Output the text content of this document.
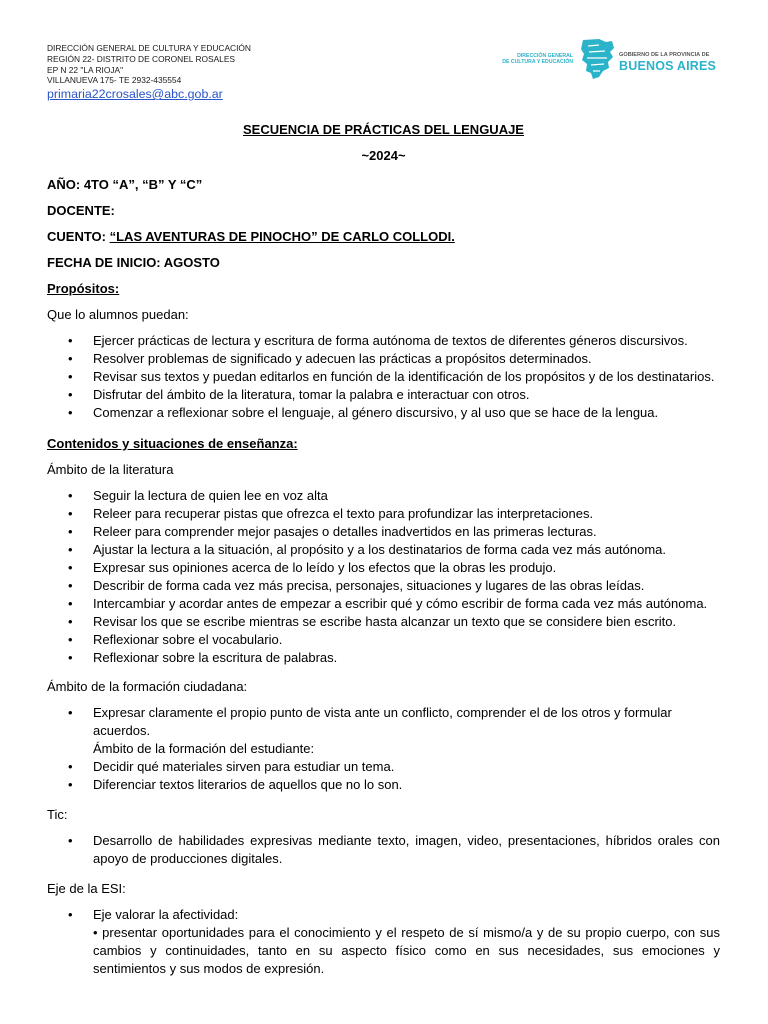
DIRECCIÓN GENERAL DE CULTURA Y EDUCACIÓN
REGIÓN 22- DISTRITO DE CORONEL ROSALES
EP N 22 "LA RIOJA"
VILLANUEVA 175- TE 2932-435554
primaria22crosales@abc.gob.ar
DIRECCIÓN GENERAL
DE CULTURA Y EDUCACIÓN
GOBIERNO DE LA PROVINCIA DE
BUENOS AIRES

SECUENCIA DE PRÁCTICAS DEL LENGUAJE

~2024~

AÑO: 4TO “A”, “B” Y “C”

DOCENTE:

CUENTO: “LAS AVENTURAS DE PINOCHO” DE CARLO COLLODI.

FECHA DE INICIO: AGOSTO

Propósitos:

Que lo alumnos puedan:

• Ejercer prácticas de lectura y escritura de forma autónoma de textos de diferentes géneros discursivos.
• Resolver problemas de significado y adecuen las prácticas a propósitos determinados.
• Revisar sus textos y puedan editarlos en función de la identificación de los propósitos y de los destinatarios.
• Disfrutar del ámbito de la literatura, tomar la palabra e interactuar con otros.
• Comenzar a reflexionar sobre el lenguaje, al género discursivo, y al uso que se hace de la lengua.

Contenidos y situaciones de enseñanza:

Ámbito de la literatura

• Seguir la lectura de quien lee en voz alta
• Releer para recuperar pistas que ofrezca el texto para profundizar las interpretaciones.
• Releer para comprender mejor pasajes o detalles inadvertidos en las primeras lecturas.
• Ajustar la lectura a la situación, al propósito y a los destinatarios de forma cada vez más autónoma.
• Expresar sus opiniones acerca de lo leído y los efectos que la obras les produjo.
• Describir de forma cada vez más precisa, personajes, situaciones y lugares de las obras leídas.
• Intercambiar y acordar antes de empezar a escribir qué y cómo escribir de forma cada vez más autónoma.
• Revisar los que se escribe mientras se escribe hasta alcanzar un texto que se considere bien escrito.
• Reflexionar sobre el vocabulario.
• Reflexionar sobre la escritura de palabras.

Ámbito de la formación ciudadana:

• Expresar claramente el propio punto de vista ante un conflicto, comprender el de los otros y formular acuerdos.
Ámbito de la formación del estudiante:
• Decidir qué materiales sirven para estudiar un tema.
• Diferenciar textos literarios de aquellos que no lo son.

Tic:

• Desarrollo de habilidades expresivas mediante texto, imagen, video, presentaciones, híbridos orales con apoyo de producciones digitales.

Eje de la ESI:

• Eje valorar la afectividad:
• presentar oportunidades para el conocimiento y el respeto de sí mismo/a y de su propio cuerpo, con sus cambios y continuidades, tanto en su aspecto físico como en sus necesidades, sus emociones y sentimientos y sus modos de expresión.
